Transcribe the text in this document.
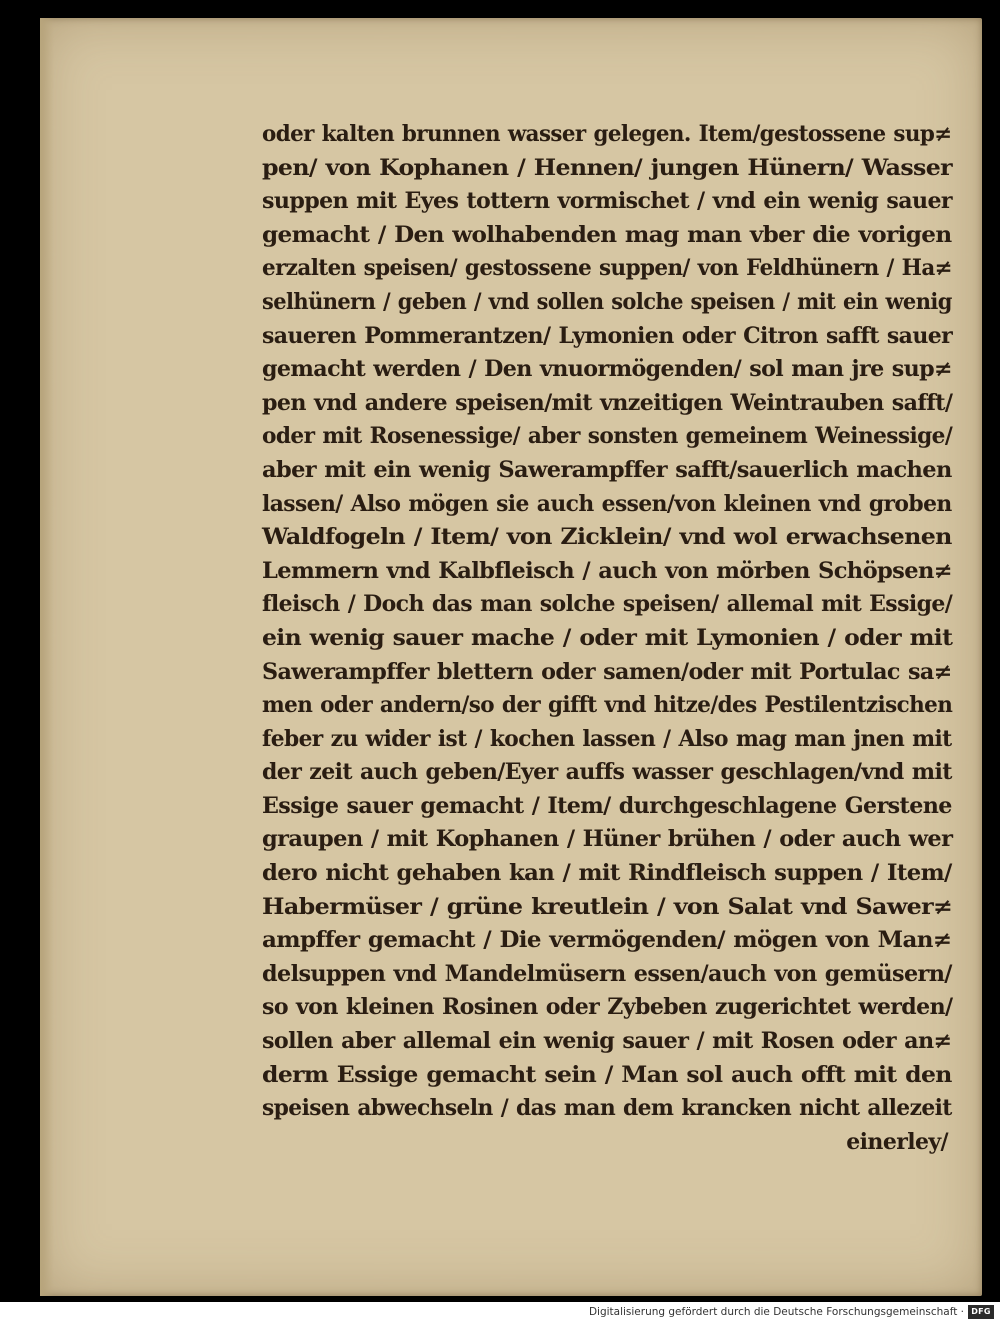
oder kalten brunnen wasser gelegen. Item/gestossene sup≠
pen/ von Kophanen / Hennen/ jungen Hünern/ Wasser
suppen mit Eyes tottern vormischet / vnd ein wenig sauer
gemacht / Den wolhabenden mag man vber die vorigen
erzalten speisen/ gestossene suppen/ von Feldhünern / Ha≠
selhünern / geben / vnd sollen solche speisen / mit ein wenig
saueren Pommerantzen/ Lymonien oder Citron safft sauer
gemacht werden / Den vnuormögenden/ sol man jre sup≠
pen vnd andere speisen/mit vnzeitigen Weintrauben safft/
oder mit Rosenessige/ aber sonsten gemeinem Weinessige/
aber mit ein wenig Sawerampffer safft/sauerlich machen
lassen/ Also mögen sie auch essen/von kleinen vnd groben
Waldfogeln / Item/ von Zicklein/ vnd wol erwachsenen
Lemmern vnd Kalbfleisch / auch von mörben Schöpsen≠
fleisch / Doch das man solche speisen/ allemal mit Essige/
ein wenig sauer mache / oder mit Lymonien / oder mit
Sawerampffer blettern oder samen/oder mit Portulac sa≠
men oder andern/so der gifft vnd hitze/des Pestilentzischen
feber zu wider ist / kochen lassen / Also mag man jnen mit
der zeit auch geben/Eyer auffs wasser geschlagen/vnd mit
Essige sauer gemacht / Item/ durchgeschlagene Gerstene
graupen / mit Kophanen / Hüner brühen / oder auch wer
dero nicht gehaben kan / mit Rindfleisch suppen / Item/
Habermüser / grüne kreutlein / von Salat vnd Sawer≠
ampffer gemacht / Die vermögenden/ mögen von Man≠
delsuppen vnd Mandelmüsern essen/auch von gemüsern/
so von kleinen Rosinen oder Zybeben zugerichtet werden/
sollen aber allemal ein wenig sauer / mit Rosen oder an≠
derm Essige gemacht sein / Man sol auch offt mit den
speisen abwechseln / das man dem krancken nicht allezeit
einerley/
Digitalisierung gefördert durch die Deutsche Forschungsgemeinschaft · DFG
